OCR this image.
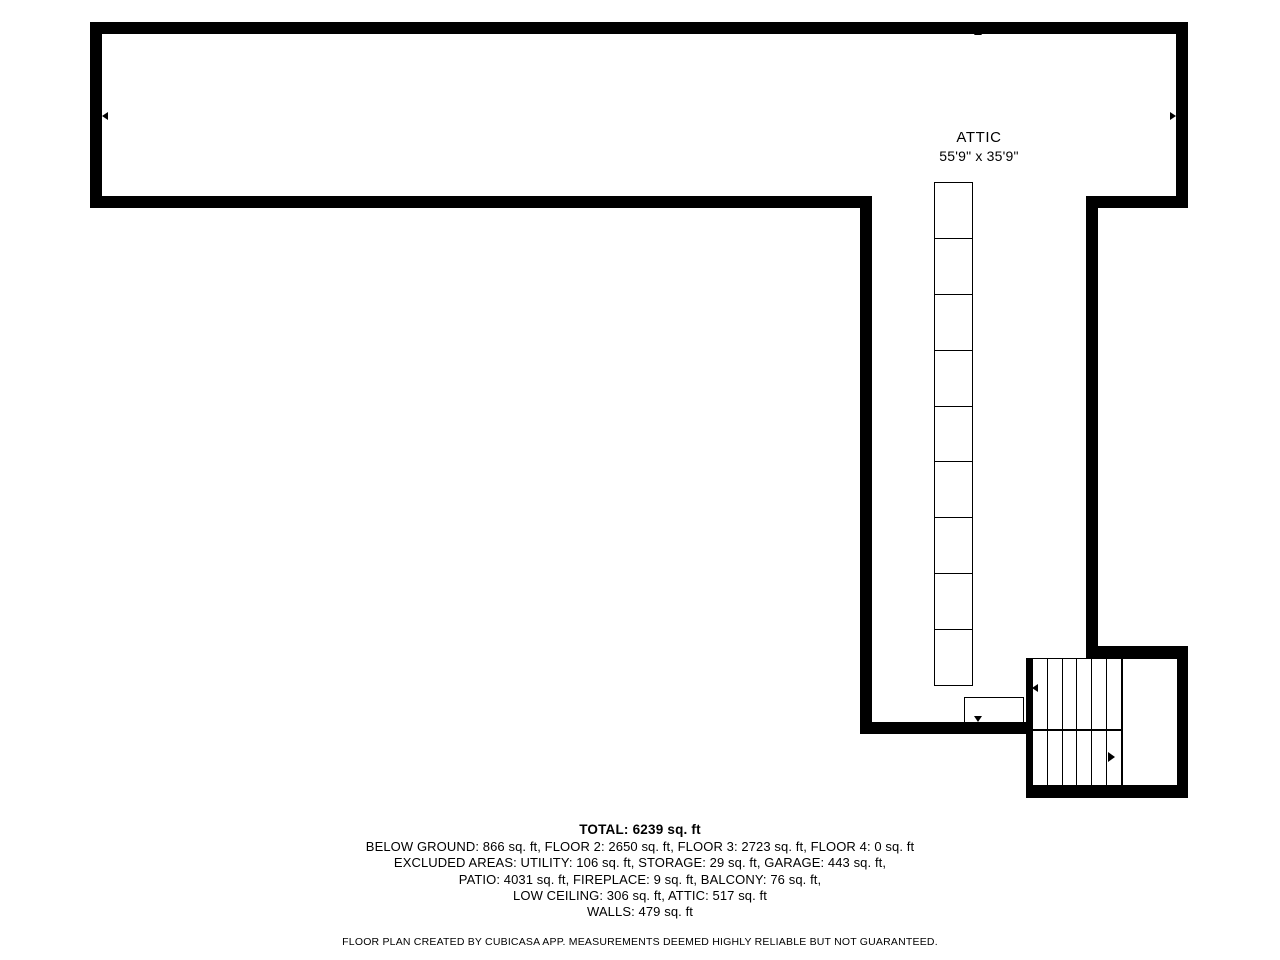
ATTIC
55'9" x 35'9"
TOTAL: 6239 sq. ft
BELOW GROUND: 866 sq. ft, FLOOR 2: 2650 sq. ft, FLOOR 3: 2723 sq. ft, FLOOR 4: 0 sq. ft
EXCLUDED AREAS: UTILITY: 106 sq. ft, STORAGE: 29 sq. ft, GARAGE: 443 sq. ft,
PATIO: 4031 sq. ft, FIREPLACE: 9 sq. ft, BALCONY: 76 sq. ft,
LOW CEILING: 306 sq. ft, ATTIC: 517 sq. ft
WALLS: 479 sq. ft
FLOOR PLAN CREATED BY CUBICASA APP. MEASUREMENTS DEEMED HIGHLY RELIABLE BUT NOT GUARANTEED.
